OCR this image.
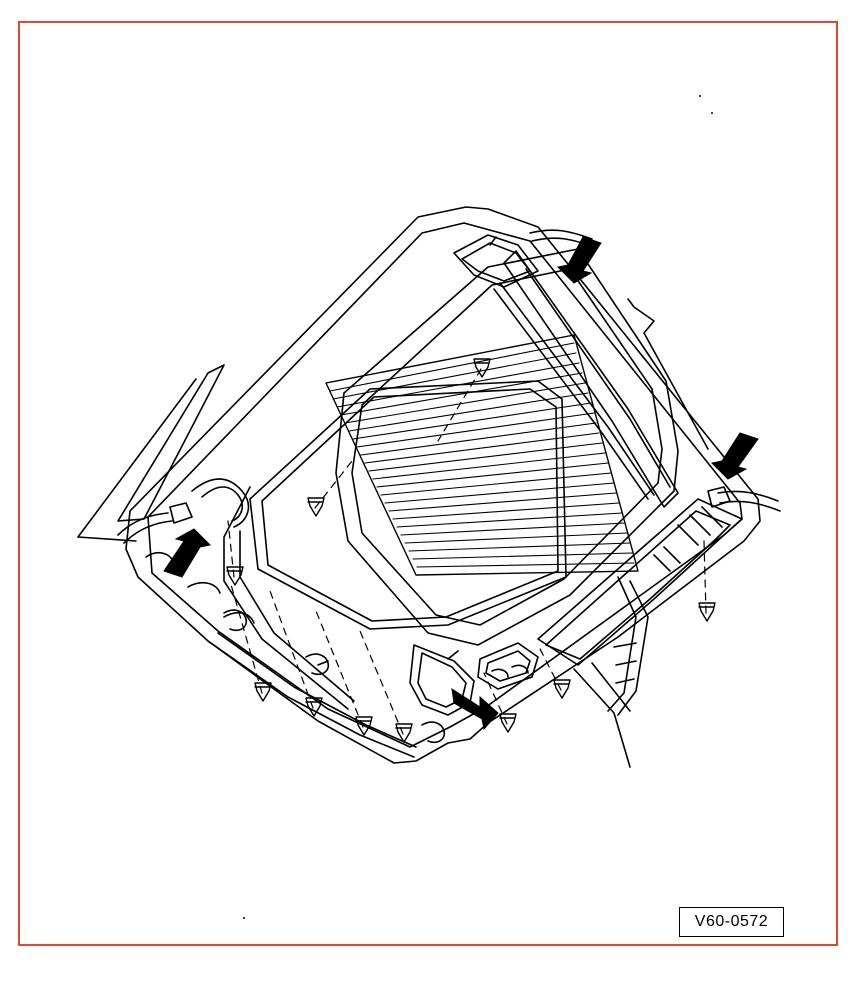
V60-0572
